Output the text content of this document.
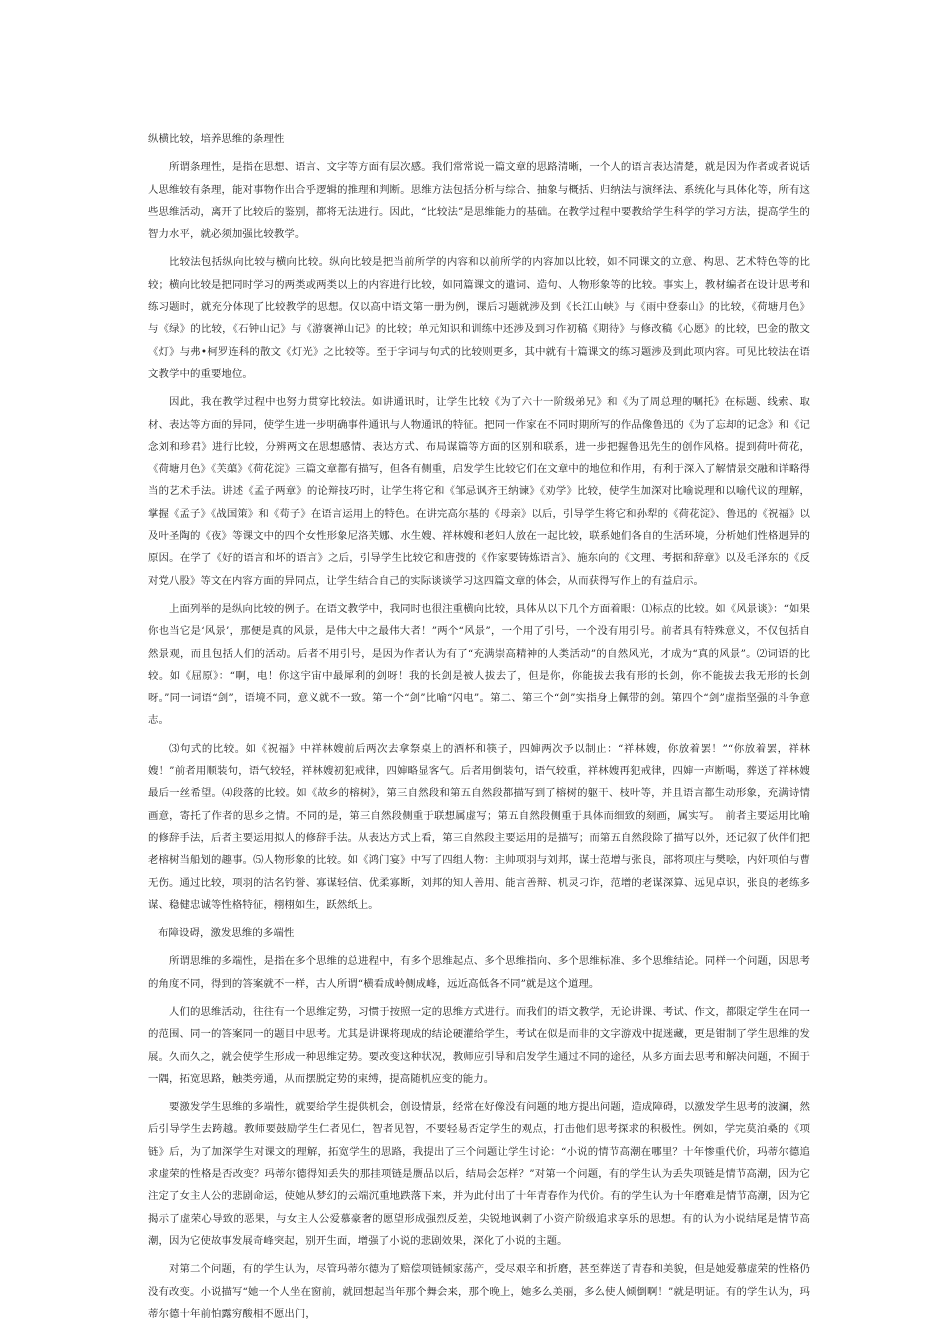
纵横比较，培养思维的条理性

所谓条理性，是指在思想、语言、文字等方面有层次感。我们常常说一篇文章的思路清晰，一个人的语言表达清楚，就是因为作者或者说话人思维较有条理，能对事物作出合乎逻辑的推理和判断。思维方法包括分析与综合、抽象与概括、归纳法与演绎法、系统化与具体化等，所有这些思维活动，离开了比较后的鉴别，都将无法进行。因此，“比较法”是思维能力的基础。在教学过程中要教给学生科学的学习方法，提高学生的智力水平，就必须加强比较教学。

比较法包括纵向比较与横向比较。纵向比较是把当前所学的内容和以前所学的内容加以比较，如不同课文的立意、构思、艺术特色等的比较；横向比较是把同时学习的两类或两类以上的内容进行比较，如同篇课文的遣词、造句、人物形象等的比较。事实上，教材编者在设计思考和练习题时，就充分体现了比较教学的思想。仅以高中语文第一册为例，课后习题就涉及到《长江山峡》与《雨中登泰山》的比较，《荷塘月色》与《绿》的比较，《石钟山记》与《游褒禅山记》的比较；单元知识和训练中还涉及到习作初稿《期待》与修改稿《心愿》的比较，巴金的散文《灯》与弗•柯罗连科的散文《灯光》之比较等。至于字词与句式的比较则更多，其中就有十篇课文的练习题涉及到此项内容。可见比较法在语文教学中的重要地位。

因此，我在教学过程中也努力贯穿比较法。如讲通讯时，让学生比较《为了六十一阶级弟兄》和《为了周总理的嘱托》在标题、线索、取材、表达等方面的异同，使学生进一步明确事件通讯与人物通讯的特征。把同一作家在不同时期所写的作品像鲁迅的《为了忘却的记念》和《记念刘和珍君》进行比较，分辨两文在思想感情、表达方式、布局谋篇等方面的区别和联系，进一步把握鲁迅先生的创作风格。提到荷叶荷花，《荷塘月色》《芙蕖》《荷花淀》三篇文章都有描写，但各有侧重，启发学生比较它们在文章中的地位和作用，有利于深入了解情景交融和详略得当的艺术手法。讲述《孟子两章》的论辩技巧时，让学生将它和《邹忌讽齐王纳谏》《劝学》比较，使学生加深对比喻说理和以喻代议的理解，掌握《孟子》《战国策》和《荀子》在语言运用上的特色。在讲完高尔基的《母亲》以后，引导学生将它和孙犁的《荷花淀》、鲁迅的《祝福》以及叶圣陶的《夜》等课文中的四个女性形象尼洛芙娜、水生嫂、祥林嫂和老妇人放在一起比较，联系她们各自的生活环境，分析她们性格迥异的原因。在学了《好的语言和坏的语言》之后，引导学生比较它和唐弢的《作家要铸炼语言》、施东向的《文理、考据和辞章》以及毛泽东的《反对党八股》等文在内容方面的异同点，让学生结合自己的实际谈谈学习这四篇文章的体会，从而获得写作上的有益启示。

上面列举的是纵向比较的例子。在语文教学中，我同时也很注重横向比较，具体从以下几个方面着眼：⑴标点的比较。如《风景谈》：“如果你也当它是‘风景’，那便是真的风景，是伟大中之最伟大者！”两个“风景”，一个用了引号，一个没有用引号。前者具有特殊意义，不仅包括自然景观，而且包括人们的活动。后者不用引号，是因为作者认为有了“充满崇高精神的人类活动”的自然风光，才成为“真的风景”。⑵词语的比较。如《屈原》：“啊，电！你这宇宙中最犀利的剑呀！我的长剑是被人拔去了，但是你，你能拔去我有形的长剑，你不能拔去我无形的长剑呀。”同一词语“剑”，语境不同，意义就不一致。第一个“剑”比喻“闪电”。第二、第三个“剑”实指身上佩带的剑。第四个“剑”虚指坚强的斗争意志。

⑶句式的比较。如《祝福》中祥林嫂前后两次去拿祭桌上的酒杯和筷子，四婶两次予以制止：“祥林嫂，你放着罢！”“你放着罢，祥林嫂！”前者用顺装句，语气较轻，祥林嫂初犯戒律，四婶略显客气。后者用倒装句，语气较重，祥林嫂再犯戒律，四婶一声断喝，葬送了祥林嫂最后一丝希望。⑷段落的比较。如《故乡的榕树》，第三自然段和第五自然段都描写到了榕树的躯干、枝叶等，并且语言都生动形象，充满诗情画意，寄托了作者的思乡之情。不同的是，第三自然段侧重于联想属虚写；第五自然段侧重于具体而细致的刻画，属实写。　前者主要运用比喻的修辞手法，后者主要运用拟人的修辞手法。从表达方式上看，第三自然段主要运用的是描写；而第五自然段除了描写以外，还记叙了伙伴们把老榕树当船划的趣事。⑸人物形象的比较。如《鸿门宴》中写了四组人物：主帅项羽与刘邦，谋士范增与张良，部将项庄与樊哙，内奸项伯与曹无伤。通过比较，项羽的沽名钓誉、寡谋轻信、优柔寡断，刘邦的知人善用、能言善辩、机灵刁诈，范增的老谋深算、远见卓识，张良的老练多谋、稳健忠诚等性格特征，栩栩如生，跃然纸上。

布障设碍，激发思维的多端性

所谓思维的多端性，是指在多个思维的总进程中，有多个思维起点、多个思维指向、多个思维标准、多个思维结论。同样一个问题，因思考的角度不同，得到的答案就不一样，古人所谓“横看成岭侧成峰，远近高低各不同”就是这个道理。

人们的思维活动，往往有一个思维定势，习惯于按照一定的思维方式进行。而我们的语文教学，无论讲课、考试、作文，都限定学生在同一的范围、同一的答案同一的题目中思考。尤其是讲课将现成的结论硬灌给学生，考试在似是而非的文字游戏中捉迷藏，更是钳制了学生思维的发展。久而久之，就会使学生形成一种思维定势。要改变这种状况，教师应引导和启发学生通过不同的途径，从多方面去思考和解决问题，不囿于一隅，拓宽思路，触类旁通，从而摆脱定势的束缚，提高随机应变的能力。

要激发学生思维的多端性，就要给学生提供机会，创设情景，经常在好像没有问题的地方提出问题，造成障碍，以激发学生思考的波澜，然后引导学生去跨越。教师要鼓励学生仁者见仁，智者见智，不要轻易否定学生的观点，打击他们思考探求的积极性。例如，学完莫泊桑的《项链》后，为了加深学生对课文的理解，拓宽学生的思路，我提出了三个问题让学生讨论：“小说的情节高潮在哪里？十年惨重代价，玛蒂尔德追求虚荣的性格是否改变？玛蒂尔德得知丢失的那挂项链是赝品以后，结局会怎样？”对第一个问题，有的学生认为丢失项链是情节高潮，因为它注定了女主人公的悲剧命运，使她从梦幻的云端沉重地跌落下来，并为此付出了十年青春作为代价。有的学生认为十年磨难是情节高潮，因为它揭示了虚荣心导致的恶果，与女主人公爱慕豪奢的愿望形成强烈反差，尖锐地讽刺了小资产阶级追求享乐的思想。有的认为小说结尾是情节高潮，因为它使故事发展奇峰突起，别开生面，增强了小说的悲剧效果，深化了小说的主题。

对第二个问题，有的学生认为，尽管玛蒂尔德为了赔偿项链倾家荡产，受尽艰辛和折磨，甚至葬送了青春和美貌，但是她爱慕虚荣的性格仍没有改变。小说描写“她一个人坐在窗前，就回想起当年那个舞会来，那个晚上，她多么美丽，多么使人倾倒啊！”就是明证。有的学生认为，玛蒂尔德十年前怕露穷酸相不愿出门，
